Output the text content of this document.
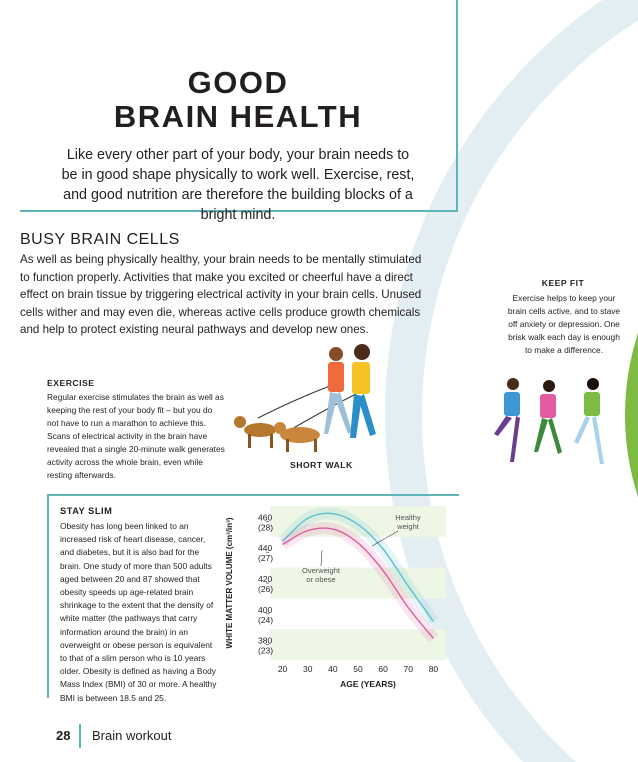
GOOD
BRAIN HEALTH
Like every other part of your body, your brain needs to be in good shape physically to work well. Exercise, rest, and good nutrition are therefore the building blocks of a bright mind.
BUSY BRAIN CELLS
As well as being physically healthy, your brain needs to be mentally stimulated to function properly. Activities that make you excited or cheerful have a direct effect on brain tissue by triggering electrical activity in your brain cells. Unused cells wither and may even die, whereas active cells produce growth chemicals and help to protect existing neural pathways and develop new ones.
EXERCISE
Regular exercise stimulates the brain as well as keeping the rest of your body fit – but you do not have to run a marathon to achieve this. Scans of electrical activity in the brain have revealed that a single 20-minute walk generates activity across the whole brain, even while resting afterwards.
SHORT WALK
KEEP FIT
Exercise helps to keep your brain cells active, and to stave off anxiety or depression. One brisk walk each day is enough to make a difference.
STAY SLIM
Obesity has long been linked to an increased risk of heart disease, cancer, and diabetes, but it is also bad for the brain. One study of more than 500 adults aged between 20 and 87 showed that obesity speeds up age-related brain shrinkage to the extent that the density of white matter (the pathways that carry information around the brain) in an overweight or obese person is equivalent to that of a slim person who is 10 years older. Obesity is defined as having a Body Mass Index (BMI) of 30 or more. A healthy BMI is between 18.5 and 25.
380
(23)
400
(24)
420
(26)
440
(27)
460
(28)
20 30 40 50 60 70 80
AGE (YEARS)
WHITE MATTER VOLUME (cm³/in³)
Healthy
weight
Overweight
or obese
28 Brain workout
